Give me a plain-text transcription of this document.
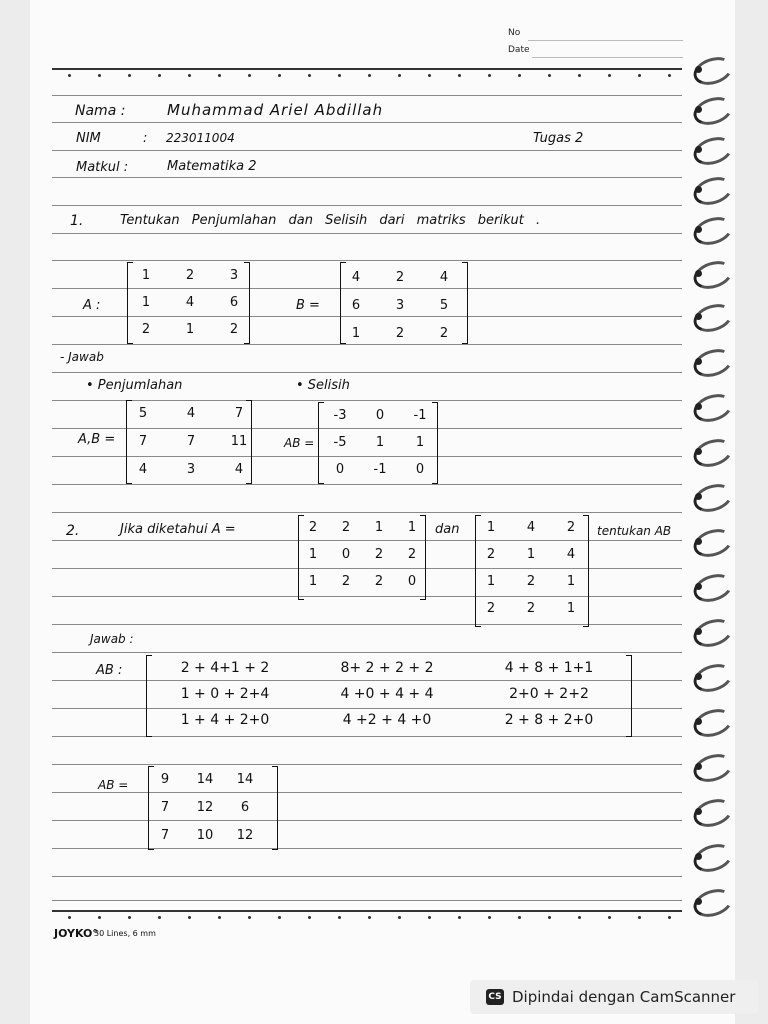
No
Date
Nama :	Muhammad Ariel Abdillah
NIM	: 223011004	Tugas 2
Matkul :	Matematika 2
1.	Tentukan Penjumlahan dan Selisih dari matriks berikut .
A :
1	2	3
1	4	6
2	1	2
B =
4	2	4
6	3	5
1	2	2
- Jawab
• Penjumlahan	• Selisih
A,B =
5	4	7
7	7	11
4	3	4
AB =
-3	0	-1
-5	1	1
0	-1	0
2.	Jika diketahui A =	2	2	1	1
1	0	2	2
1	2	2	0
dan	1	4	2
2	1	4
1	2	1
2	2	1
tentukan AB
Jawab :
AB :	2 + 4+1 + 2	8+ 2 + 2 + 2	4 + 8 + 1+1
1 + 0 + 2+4	4 +0 + 4 + 4	2+0 + 2+2
1 + 4 + 2+0	4 +2 + 4 +0	2 + 8 + 2+0
AB =	9	14	14
7	12	6
7	10	12
JOYKO°
30 Lines, 6 mm
CS Dipindai dengan CamScanner
